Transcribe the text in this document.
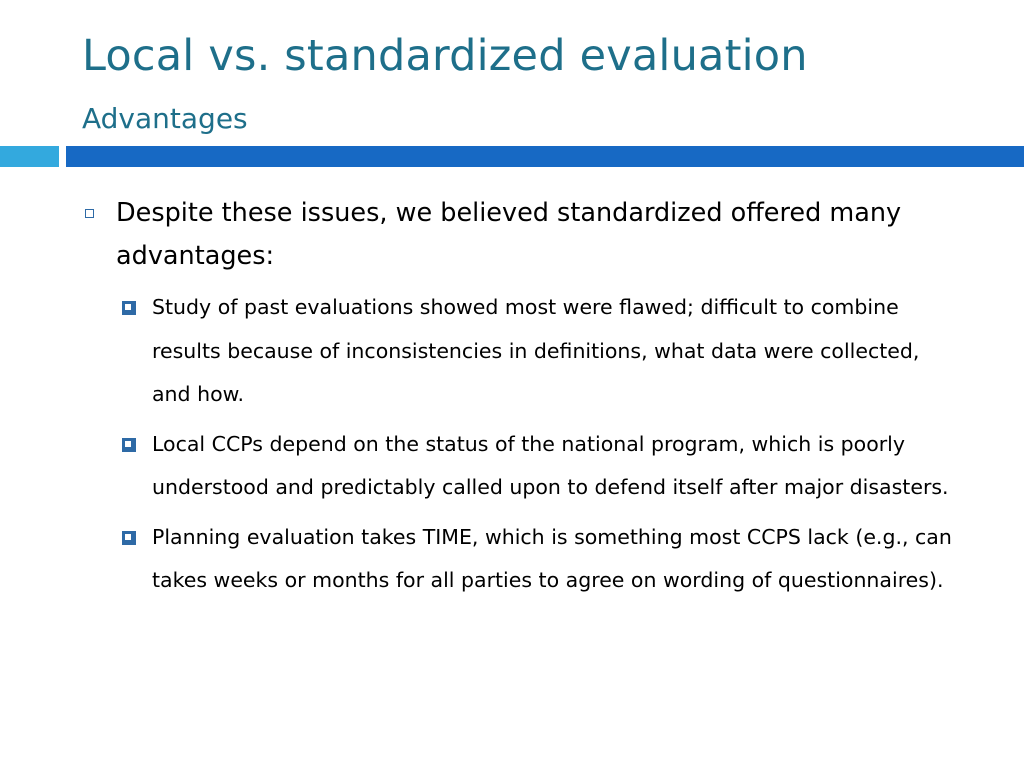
Local vs. standardized evaluation
Advantages
Despite these issues, we believed standardized offered many advantages:
Study of past evaluations showed most were flawed; difficult to combine results because of inconsistencies in definitions, what data were collected, and how.
Local CCPs depend on the status of the national program, which is poorly understood and predictably called upon to defend itself after major disasters.
Planning evaluation takes TIME, which is something most CCPS lack (e.g., can takes weeks or months for all parties to agree on wording of questionnaires).
